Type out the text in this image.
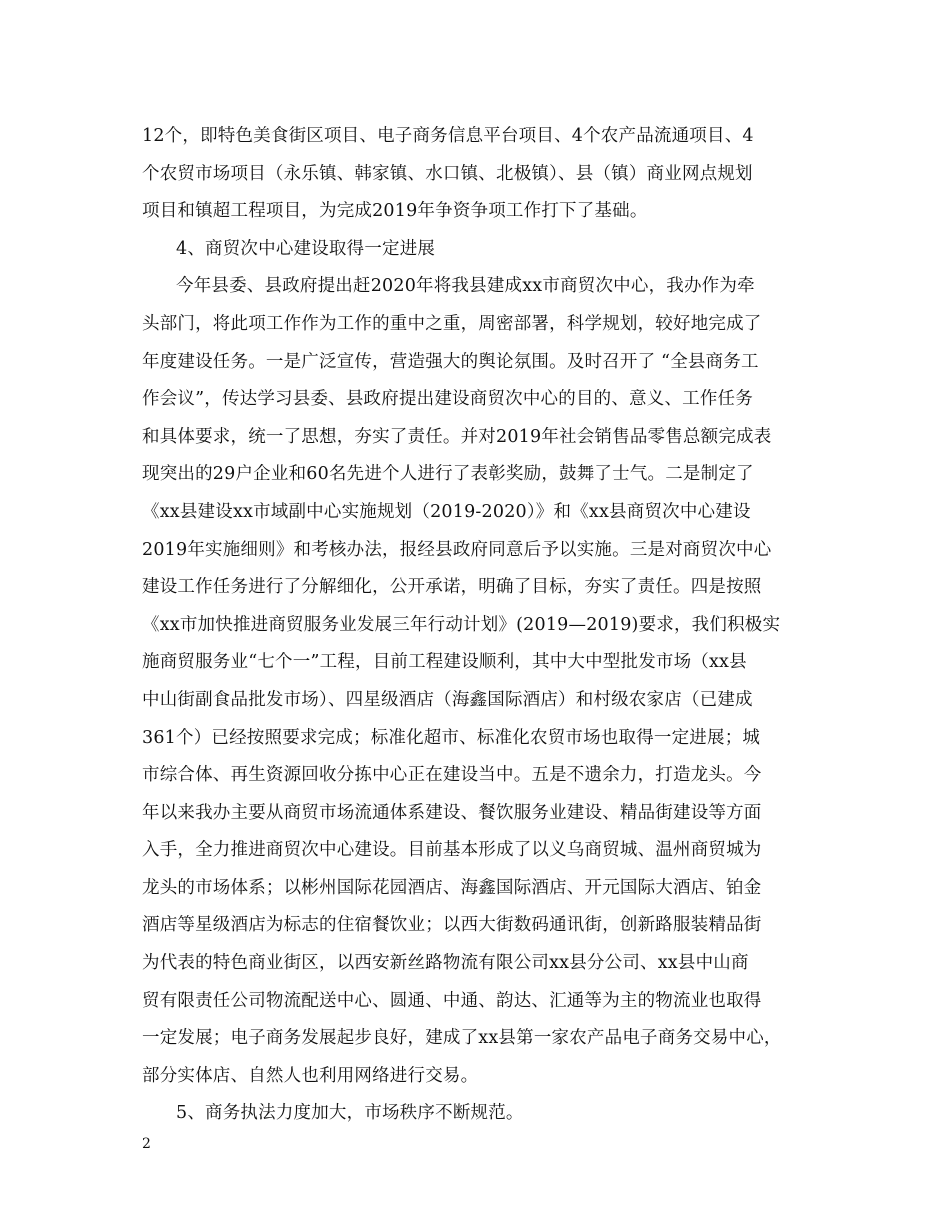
12个，即特色美食街区项目、电子商务信息平台项目、4个农产品流通项目、4
个农贸市场项目（永乐镇、韩家镇、水口镇、北极镇）、县（镇）商业网点规划
项目和镇超工程项目，为完成2019年争资争项工作打下了基础。
4、商贸次中心建设取得一定进展
今年县委、县政府提出赶2020年将我县建成xx市商贸次中心，我办作为牵
头部门，将此项工作作为工作的重中之重，周密部署，科学规划，较好地完成了
年度建设任务。一是广泛宣传，营造强大的舆论氛围。及时召开了 “全县商务工
作会议”，传达学习县委、县政府提出建设商贸次中心的目的、意义、工作任务
和具体要求，统一了思想，夯实了责任。并对2019年社会销售品零售总额完成表
现突出的29户企业和60名先进个人进行了表彰奖励，鼓舞了士气。二是制定了
《xx县建设xx市域副中心实施规划（2019-2020）》和《xx县商贸次中心建设
2019年实施细则》和考核办法，报经县政府同意后予以实施。三是对商贸次中心
建设工作任务进行了分解细化，公开承诺，明确了目标，夯实了责任。四是按照
《xx市加快推进商贸服务业发展三年行动计划》(2019—2019)要求，我们积极实
施商贸服务业“七个一”工程，目前工程建设顺利，其中大中型批发市场（xx县
中山街副食品批发市场）、四星级酒店（海鑫国际酒店）和村级农家店（已建成
361个）已经按照要求完成；标准化超市、标准化农贸市场也取得一定进展；城
市综合体、再生资源回收分拣中心正在建设当中。五是不遗余力，打造龙头。今
年以来我办主要从商贸市场流通体系建设、餐饮服务业建设、精品街建设等方面
入手，全力推进商贸次中心建设。目前基本形成了以义乌商贸城、温州商贸城为
龙头的市场体系；以彬州国际花园酒店、海鑫国际酒店、开元国际大酒店、铂金
酒店等星级酒店为标志的住宿餐饮业；以西大街数码通讯街，创新路服装精品街
为代表的特色商业街区，以西安新丝路物流有限公司xx县分公司、xx县中山商
贸有限责任公司物流配送中心、圆通、中通、韵达、汇通等为主的物流业也取得
一定发展；电子商务发展起步良好，建成了xx县第一家农产品电子商务交易中心，
部分实体店、自然人也利用网络进行交易。
5、商务执法力度加大，市场秩序不断规范。
2
